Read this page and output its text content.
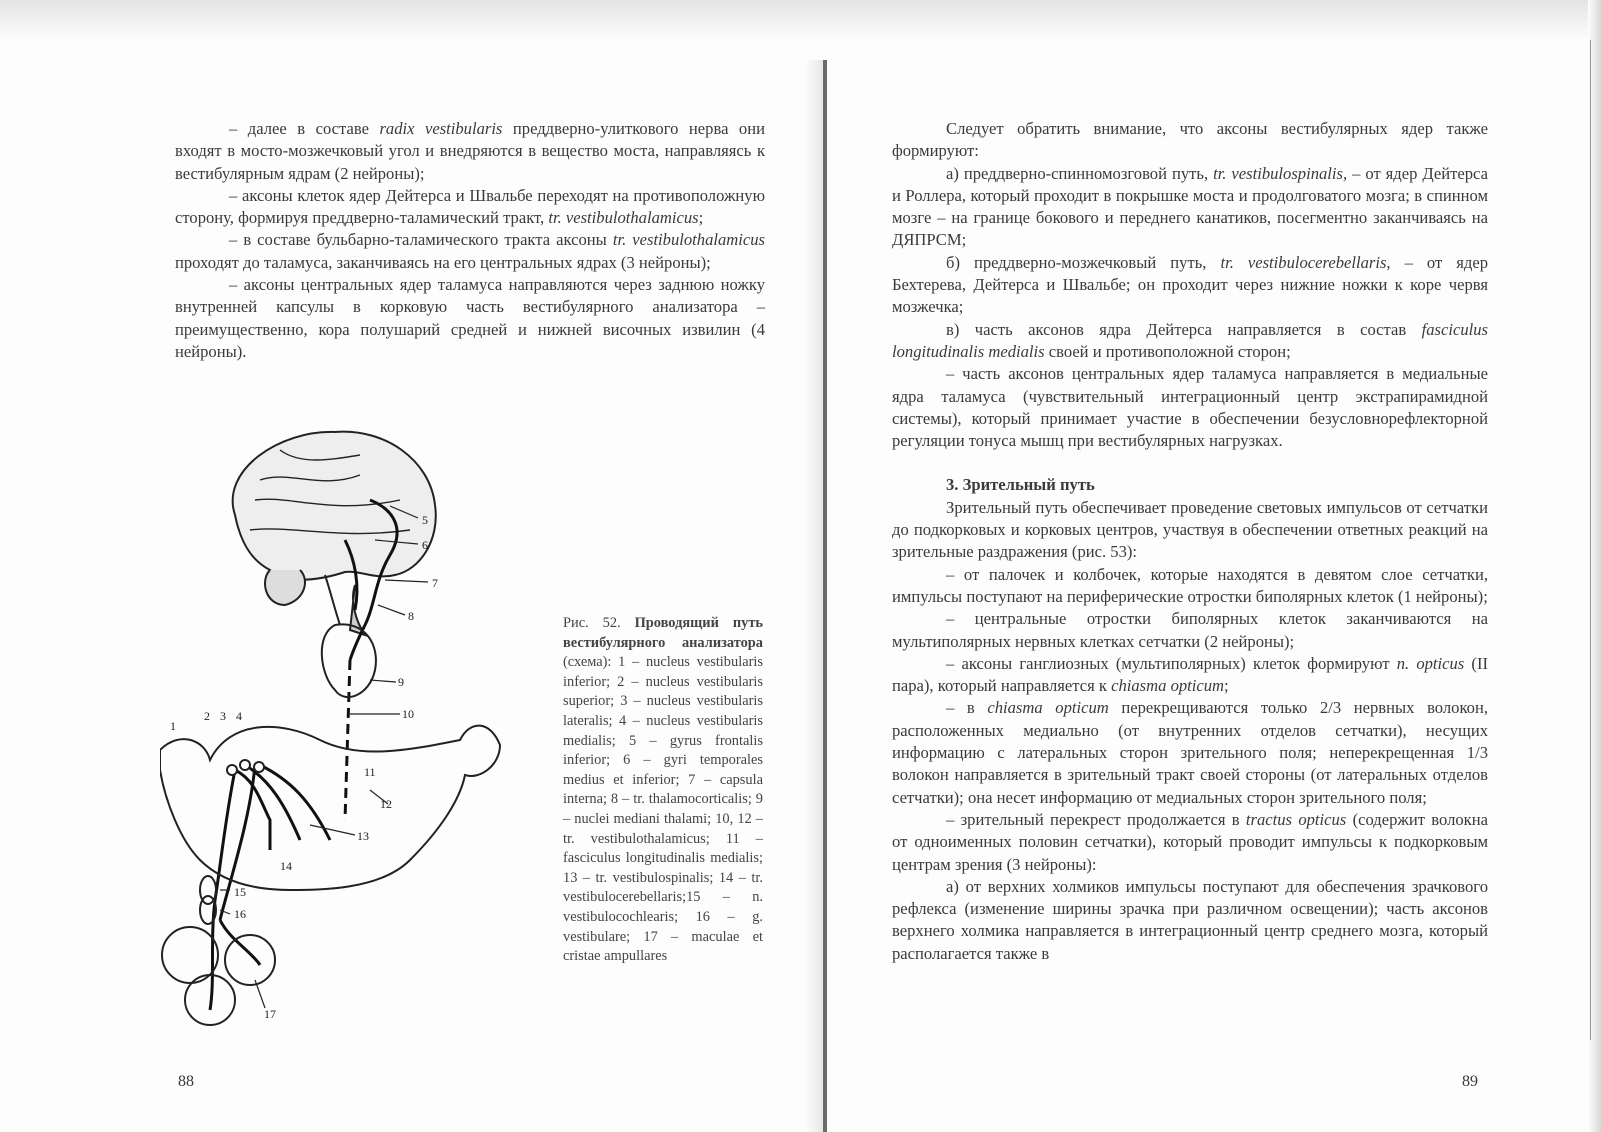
– далее в составе radix vestibularis преддверно-улиткового нерва они входят в мосто-мозжечковый угол и внедряются в вещество моста, направляясь к вестибулярным ядрам (2 нейроны);

– аксоны клеток ядер Дейтерса и Швальбе переходят на противоположную сторону, формируя преддверно-таламический тракт, tr. vestibulothalamicus;

– в составе бульбарно-таламического тракта аксоны tr. vestibulothalamicus проходят до таламуса, заканчиваясь на его центральных ядрах (3 нейроны);

– аксоны центральных ядер таламуса направляются через заднюю ножку внутренней капсулы в корковую часть вестибулярного анализатора – преимущественно, кора полушарий средней и нижней височных извилин (4 нейроны).

1
2 3 4
5
6
7
8
9
10
11
12
13
14
15
16
17
Рис. 52. Проводящий путь вестибулярного анализатора (схема): 1 – nucleus vestibularis inferior; 2 – nucleus vestibularis superior; 3 – nucleus vestibularis lateralis; 4 – nucleus vestibularis medialis; 5 – gyrus frontalis inferior; 6 – gyri temporales medius et inferior; 7 – capsula interna; 8 – tr. thalamocorticalis; 9 – nuclei mediani thalami; 10, 12 – tr. vestibulothalamicus; 11 – fasciculus longitudinalis medialis; 13 – tr. vestibulospinalis; 14 – tr. vestibulocerebellaris;15 – n. vestibulocochlearis; 16 – g. vestibulare; 17 – maculae et cristae ampullares
88

Следует обратить внимание, что аксоны вестибулярных ядер также формируют:

а) преддверно-спинномозговой путь, tr. vestibulospinalis, – от ядер Дейтерса и Роллера, который проходит в покрышке моста и продолговатого мозга; в спинном мозге – на границе бокового и переднего канатиков, посегментно заканчиваясь на ДЯПРСМ;

б) преддверно-мозжечковый путь, tr. vestibulocerebellaris, – от ядер Бехтерева, Дейтерса и Швальбе; он проходит через нижние ножки к коре червя мозжечка;

в) часть аксонов ядра Дейтерса направляется в состав fasciculus longitudinalis medialis своей и противоположной сторон;

– часть аксонов центральных ядер таламуса направляется в медиальные ядра таламуса (чувствительный интеграционный центр экстрапирамидной системы), который принимает участие в обеспечении безусловнорефлекторной регуляции тонуса мышц при вестибулярных нагрузках.

3. Зрительный путь

Зрительный путь обеспечивает проведение световых импульсов от сетчатки до подкорковых и корковых центров, участвуя в обеспечении ответных реакций на зрительные раздражения (рис. 53):

– от палочек и колбочек, которые находятся в девятом слое сетчатки, импульсы поступают на периферические отростки биполярных клеток (1 нейроны);

– центральные отростки биполярных клеток заканчиваются на мультиполярных нервных клетках сетчатки (2 нейроны);

– аксоны ганглиозных (мультиполярных) клеток формируют n. opticus (II пара), который направляется к chiasma opticum;

– в chiasma opticum перекрещиваются только 2/3 нервных волокон, расположенных медиально (от внутренних отделов сетчатки), несущих информацию с латеральных сторон зрительного поля; неперекрещенная 1/3 волокон направляется в зрительный тракт своей стороны (от латеральных отделов сетчатки); она несет информацию от медиальных сторон зрительного поля;

– зрительный перекрест продолжается в tractus opticus (содержит волокна от одноименных половин сетчатки), который проводит импульсы к подкорковым центрам зрения (3 нейроны):

а) от верхних холмиков импульсы поступают для обеспечения зрачкового рефлекса (изменение ширины зрачка при различном освещении); часть аксонов верхнего холмика направляется в интеграционный центр среднего мозга, который располагается также в

89
